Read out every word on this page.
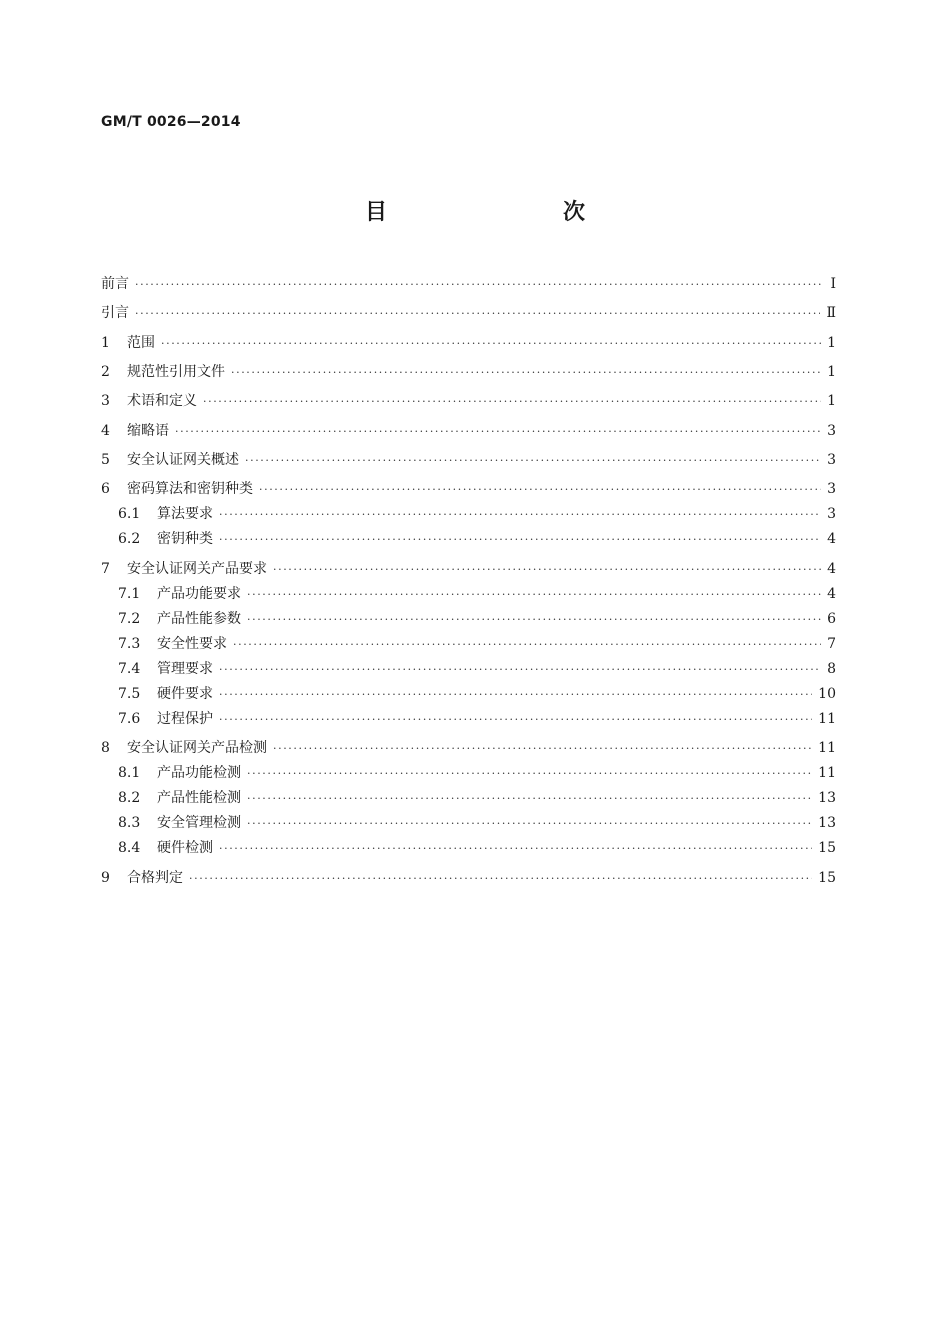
GM/T 0026—2014
目　　次
前言 ·····	Ⅰ
引言 ·····	Ⅱ
1	范围 ·····	1
2	规范性引用文件 ·····	1
3	术语和定义 ·····	1
4	缩略语 ·····	3
5	安全认证网关概述 ·····	3
6	密码算法和密钥种类 ·····	3
6.1	算法要求 ·····	3
6.2	密钥种类 ·····	4
7	安全认证网关产品要求 ·····	4
7.1	产品功能要求 ·····	4
7.2	产品性能参数 ·····	6
7.3	安全性要求 ·····	7
7.4	管理要求 ·····	8
7.5	硬件要求 ·····	10
7.6	过程保护 ·····	11
8	安全认证网关产品检测 ·····	11
8.1	产品功能检测 ·····	11
8.2	产品性能检测 ·····	13
8.3	安全管理检测 ·····	13
8.4	硬件检测 ·····	15
9	合格判定 ·····	15
